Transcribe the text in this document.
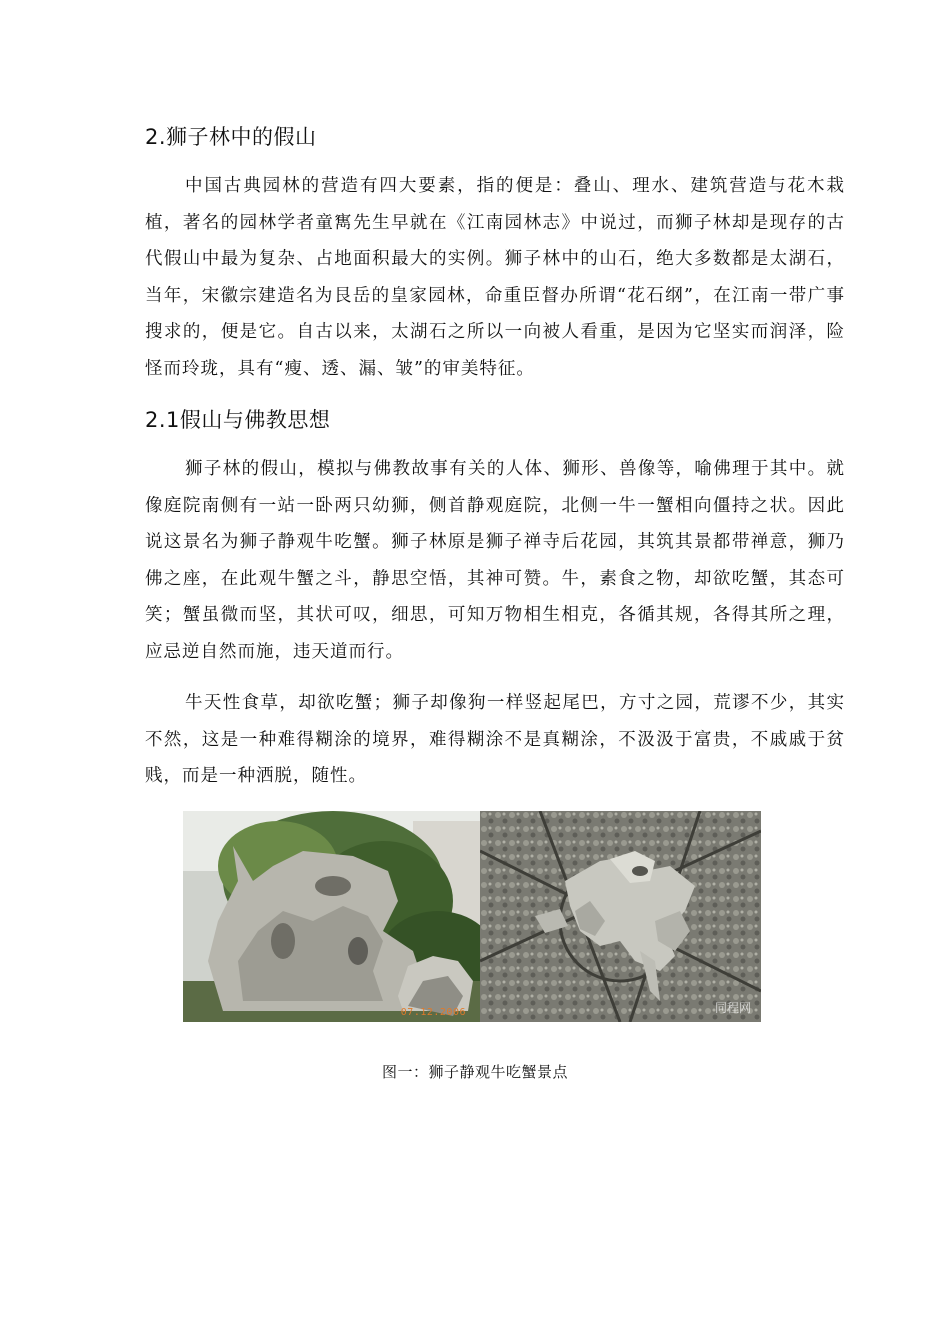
2.狮子林中的假山

中国古典园林的营造有四大要素，指的便是：叠山、理水、建筑营造与花木栽植，著名的园林学者童寯先生早就在《江南园林志》中说过，而狮子林却是现存的古代假山中最为复杂、占地面积最大的实例。狮子林中的山石，绝大多数都是太湖石，当年，宋徽宗建造名为艮岳的皇家园林，命重臣督办所谓“花石纲”，在江南一带广事搜求的，便是它。自古以来，太湖石之所以一向被人看重，是因为它坚实而润泽，险怪而玲珑，具有“瘦、透、漏、皱”的审美特征。

2.1假山与佛教思想

狮子林的假山，模拟与佛教故事有关的人体、狮形、兽像等，喻佛理于其中。就像庭院南侧有一站一卧两只幼狮，侧首静观庭院，北侧一牛一蟹相向僵持之状。因此说这景名为狮子静观牛吃蟹。狮子林原是狮子禅寺后花园，其筑其景都带禅意，狮乃佛之座，在此观牛蟹之斗，静思空悟，其神可赞。牛，素食之物，却欲吃蟹，其态可笑；蟹虽微而坚，其状可叹，细思，可知万物相生相克，各循其规，各得其所之理，应忌逆自然而施，违天道而行。

牛天性食草，却欲吃蟹；狮子却像狗一样竖起尾巴，方寸之园，荒谬不少，其实不然，这是一种难得糊涂的境界，难得糊涂不是真糊涂，不汲汲于富贵，不戚戚于贫贱，而是一种洒脱，随性。

07.12.2006	同程网

图一：狮子静观牛吃蟹景点
